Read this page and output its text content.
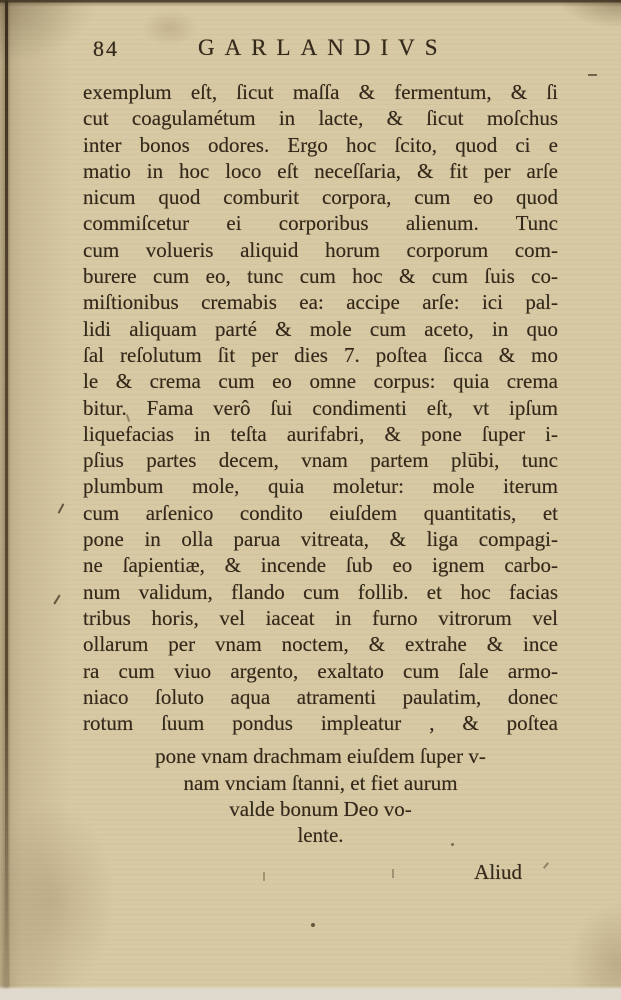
84	GARLANDIVS
exemplum eſt, ſicut maſſa & fermentum, & ſi
cut coagulamétum in lacte, & ſicut moſchus
inter bonos odores. Ergo hoc ſcito, quod ci e
matio in hoc loco eſt neceſſaria, & fit per arſe
nicum quod comburit corpora, cum eo quod
commiſcetur ei corporibus alienum. Tunc
cum volueris aliquid horum corporum com-
burere cum eo, tunc cum hoc & cum ſuis co-
miſtionibus cremabis ea: accipe arſe: ici pal-
lidi aliquam parté & mole cum aceto, in quo
ſal reſolutum ſit per dies 7. poſtea ſicca & mo
le & crema cum eo omne corpus: quia crema
bitur. Fama verô ſui condimenti eſt, vt ipſum
liquefacias in teſta aurifabri, & pone ſuper i-
pſius partes decem, vnam partem plūbi, tunc
plumbum mole, quia moletur: mole iterum
cum arſenico condito eiuſdem quantitatis, et
pone in olla parua vitreata, & liga compagi-
ne ſapientiæ, & incende ſub eo ignem carbo-
num validum, flando cum follib. et hoc facias
tribus horis, vel iaceat in furno vitrorum vel
ollarum per vnam noctem, & extrahe & ince
ra cum viuo argento, exaltato cum ſale armo-
niaco ſoluto aqua atramenti paulatim, donec
rotum ſuum pondus impleatur , & poſtea
pone vnam drachmam eiuſdem ſuper v-
nam vnciam ſtanni, et fiet aurum
valde bonum Deo vo-
lente.
Aliud
